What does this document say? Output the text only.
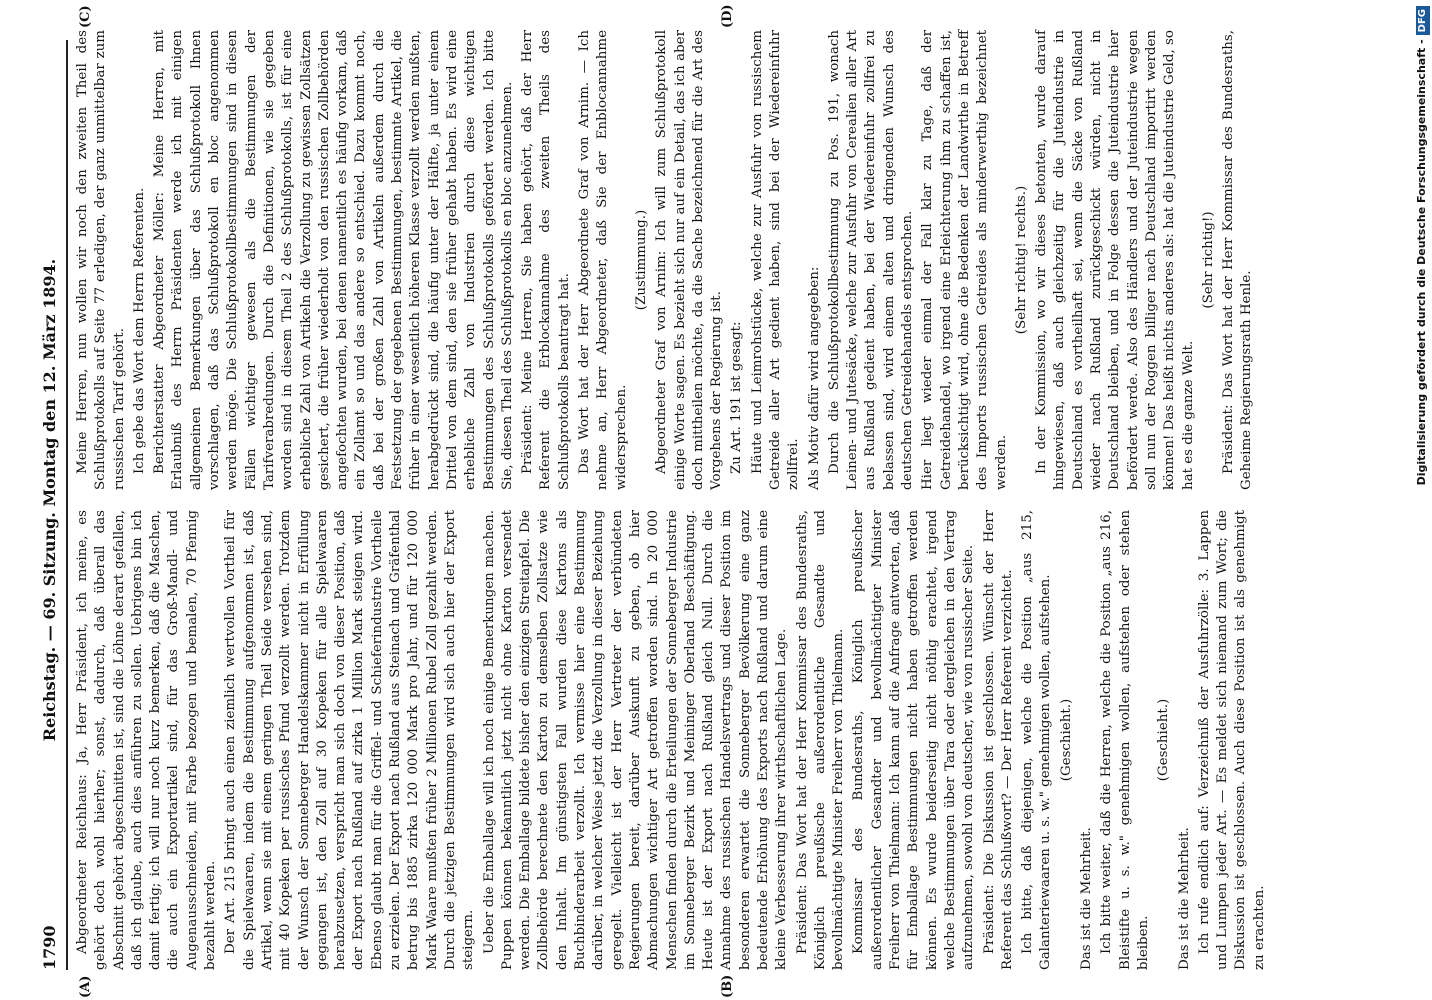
1790
Reichstag. — 69. Sitzung. Montag den 12. März 1894.
(A)	(B)
(C)	(D)

Abgeordneter Reichhaus: Ja, Herr Präsident, ich meine, es gehört doch wohl hierher; sonst, dadurch, daß überall das Abschnitt gehört abgeschnitten ist, sind die Löhne derart gefallen, daß ich glaube, auch dies anführen zu sollen. Uebrigens bin ich damit fertig; ich will nur noch kurz bemerken, daß die Maschen, die auch ein Exportartikel sind, für das Groß-Mandl- und Augenausschneiden, mit Farbe bezogen und bemalen, 70 Pfennig bezahlt werden. Der Art. 215 bringt auch einen ziemlich wertvollen Vortheil für die Spielwaaren, indem die Bestimmung aufgenommen ist, daß Artikel, wenn sie mit einem geringen Theil Seide versehen sind, mit 40 Kopeken per russisches Pfund verzollt werden. Trotzdem der Wunsch der Sonneberger Handelskammer nicht in Erfüllung gegangen ist, den Zoll auf 30 Kopeken für alle Spielwaaren herabzusetzen, verspricht man sich doch von dieser Position, daß der Export nach Rußland auf zirka 1 Million Mark steigen wird. Ebenso glaubt man für die Griffel- und Schieferindustrie Vortheile zu erzielen. Der Export nach Rußland aus Steinach und Gräfenthal betrug bis 1885 zirka 120 000 Mark pro Jahr, und für 120 000 Mark Waare mußten früher 2 Millionen Rubel Zoll gezahlt werden. Durch die jetzigen Bestimmungen wird sich auch hier der Export steigern. Ueber die Emballage will ich noch einige Bemerkungen machen. Puppen können bekanntlich jetzt nicht ohne Karton versendet werden. Die Emballage bildete bisher den einzigen Streitapfel. Die Zollbehörde berechnete den Karton zu demselben Zollsatze wie den Inhalt. Im günstigsten Fall wurden diese Kartons als Buchbinderarbeit verzollt. Ich vermisse hier eine Bestimmung darüber, in welcher Weise jetzt die Verzollung in dieser Beziehung geregelt. Vielleicht ist der Herr Vertreter der verbündeten Regierungen bereit, darüber Auskunft zu geben, ob hier Abmachungen wichtiger Art getroffen worden sind. In 20 000 Menschen finden durch die Erteilungen der Sonneberger Industrie im Sonneberger Bezirk und Meininger Oberland Beschäftigung. Heute ist der Export nach Rußland gleich Null. Durch die Annahme des russischen Handelsvertrags und dieser Position im besonderen erwartet die Sonneberger Bevölkerung eine ganz bedeutende Erhöhung des Exports nach Rußland und darum eine kleine Verbesserung ihrer wirthschaftlichen Lage. Präsident: Das Wort hat der Herr Kommissar des Bundesraths, Königlich preußische außerordentliche Gesandte und bevollmächtigte Minister Freiherr von Thielmann. Kommissar des Bundesraths, Königlich preußischer außerordentlicher Gesandter und bevollmächtigter Minister Freiherr von Thielmann: Ich kann auf die Anfrage antworten, daß für Emballage Bestimmungen nicht haben getroffen werden können. Es wurde beiderseitig nicht nöthig erachtet, irgend welche Bestimmungen über Tara oder dergleichen in den Vertrag aufzunehmen, sowohl von deutscher, wie von russischer Seite. Präsident: Die Diskussion ist geschlossen. Wünscht der Herr Referent das Schlußwort? — Der Herr Referent verzichtet. Ich bitte, daß diejenigen, welche die Position „aus 215, Galanteriewaaren u. s. w." genehmigen wollen, aufstehen. (Geschieht.)

Das ist die Mehrheit. Ich bitte weiter, daß die Herren, welche die Position „aus 216, Bleistifte u. s. w." genehmigen wollen, aufstehen oder stehen bleiben.

(Geschieht.)

Das ist die Mehrheit. Ich rufe endlich auf: Verzeichniß der Ausfuhrzölle: 3. Lappen und Lumpen jeder Art. — Es meldet sich niemand zum Wort; die Diskussion ist geschlossen. Auch diese Position ist als genehmigt zu erachten.

Meine Herren, nun wollen wir noch den zweiten Theil des Schlußprotokolls auf Seite 77 erledigen, der ganz unmittelbar zum russischen Tarif gehört. Ich gebe das Wort dem Herrn Referenten. Berichterstatter Abgeordneter Möller: Meine Herren, mit Erlaubniß des Herrn Präsidenten werde ich mit einigen allgemeinen Bemerkungen über das Schlußprotokoll Ihnen vorschlagen, daß das Schlußprotokoll en bloc angenommen werden möge. Die Schlußprotokollbestimmungen sind in diesen Fällen wichtiger gewesen als die Bestimmungen der Tarifverabredungen. Durch die Definitionen, wie sie gegeben worden sind in diesem Theil 2 des Schlußprotokolls, ist für eine erhebliche Zahl von Artikeln die Verzollung zu gewissen Zollsätzen gesichert, die früher wiederholt von den russischen Zollbehörden angefochten wurden, bei denen namentlich es häufig vorkam, daß ein Zollamt so und das andere so entschied. Dazu kommt noch, daß bei der großen Zahl von Artikeln außerdem durch die Festsetzung der gegebenen Bestimmungen, bestimmte Artikel, die früher in einer wesentlich höheren Klasse verzollt werden mußten, herabgedrückt sind, die häufig unter der Hälfte, ja unter einem Drittel von dem sind, den sie früher gehabt haben. Es wird eine erhebliche Zahl von Industrien durch diese wichtigen Bestimmungen des Schlußprotokolls gefördert werden. Ich bitte Sie, diesen Theil des Schlußprotokolls en bloc anzunehmen. Präsident: Meine Herren, Sie haben gehört, daß der Herr Referent die Erblockannahme des zweiten Theils des Schlußprotokolls beantragt hat. Das Wort hat der Herr Abgeordnete Graf von Arnim. — Ich nehme an, Herr Abgeordneter, daß Sie der Enblocannahme widersprechen.

(Zustimmung.) Abgeordneter Graf von Arnim: Ich will zum Schlußprotokoll einige Worte sagen. Es bezieht sich nur auf ein Detail, das ich aber doch mittheilen möchte, da die Sache bezeichnend für die Art des Vorgehens der Regierung ist. Zu Art. 191 ist gesagt: Häute und Leimrohstücke, welche zur Ausfuhr von russischem Getreide aller Art gedient haben, sind bei der Wiedereinfuhr zollfrei. Als Motiv dafür wird angegeben: Durch die Schlußprotokollbestimmung zu Pos. 191, wonach Leinen- und Jutesäcke, welche zur Ausfuhr von Cerealien aller Art aus Rußland gedient haben, bei der Wiedereinfuhr zollfrei zu belassen sind, wird einem alten und dringenden Wunsch des deutschen Getreidehandels entsprochen. Hier liegt wieder einmal der Fall klar zu Tage, daß der Getreidehandel, wo irgend eine Erleichterung ihm zu schaffen ist, berücksichtigt wird, ohne die Bedenken der Landwirthe in Betreff des Imports russischen Getreides als minderwerthig bezeichnet werden.

(Sehr richtig! rechts.) In der Kommission, wo wir dieses betonten, wurde darauf hingewiesen, daß auch gleichzeitig für die Juteindustrie in Deutschland es vortheilhaft sei, wenn die Säcke von Rußland wieder nach Rußland zurückgeschickt würden, nicht in Deutschland bleiben, und in Folge dessen die Juteindustrie hier befördert werde. Also des Händlers und der Juteindustrie wegen soll nun der Roggen billiger nach Deutschland importirt werden können! Das heißt nichts anderes als: hat die Juteindustrie Geld, so hat es die ganze Welt.

(Sehr richtig!) Präsident: Das Wort hat der Herr Kommissar des Bundesraths, Geheime Regierungsrath Henle.	Digitalisierung gefördert durch die Deutsche Forschungsgemeinschaft -DFG
